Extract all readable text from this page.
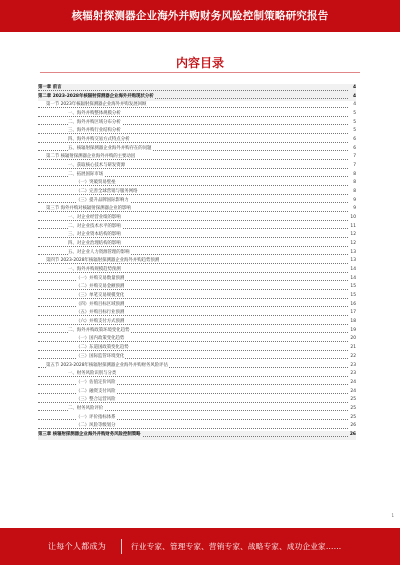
核辐射探测器企业海外并购财务风险控制策略研究报告
内容目录
第一章 前言	4
第二章 2023-2028年核辐射探测器企业海外并购现状分析	4
第一节 2023年核辐射探测器企业海外并购发展回顾	4
一、海外并购整体规模分析	5
二、海外并购区域分布分析	5
三、海外并购行业结构分析	5
四、海外并购交易方式特点分析	6
五、核辐射探测器企业海外并购存在的问题	6
第二节 核辐射探测器企业海外并购的主要动因	7
一、获取核心技术与研发资源	7
二、拓展国际市场	8
（一）突破贸易壁垒	8
（二）完善全球营销与服务网络	8
（三）提升品牌国际影响力	9
第三节 海外并购对核辐射探测器企业的影响	9
一、对企业经营业绩的影响	10
二、对企业技术水平的影响	11
三、对企业资本结构的影响	12
四、对企业治理结构的影响	12
五、对企业人力资源管理的影响	13
第四节 2023-2028年核辐射探测器企业海外并购趋势预测	13
一、海外并购规模趋势预测	14
（一）并购交易数量预测	14
（二）并购交易金额预测	15
（三）单笔交易规模变化	15
（四）并购目标区域预测	16
（五）并购目标行业预测	17
（六）并购支付方式预测	18
二、海外并购政策环境变化趋势	19
（一）国内政策变化趋势	20
（二）东道国政策变化趋势	21
（三）国际监管环境变化	22
第五节 2023-2028年核辐射探测器企业海外并购财务风险评估	23
一、财务风险识别与分类	23
（一）估值定价风险	24
（二）融资支付风险	24
（三）整合运营风险	25
二、财务风险评价	25
（一）评价指标体系	25
（二）风险等级划分	26
第三章 核辐射探测器企业海外并购财务风险控制策略	26
1
让每个人都成为	行业专家、管理专家、营销专家、战略专家、成功企业家……
